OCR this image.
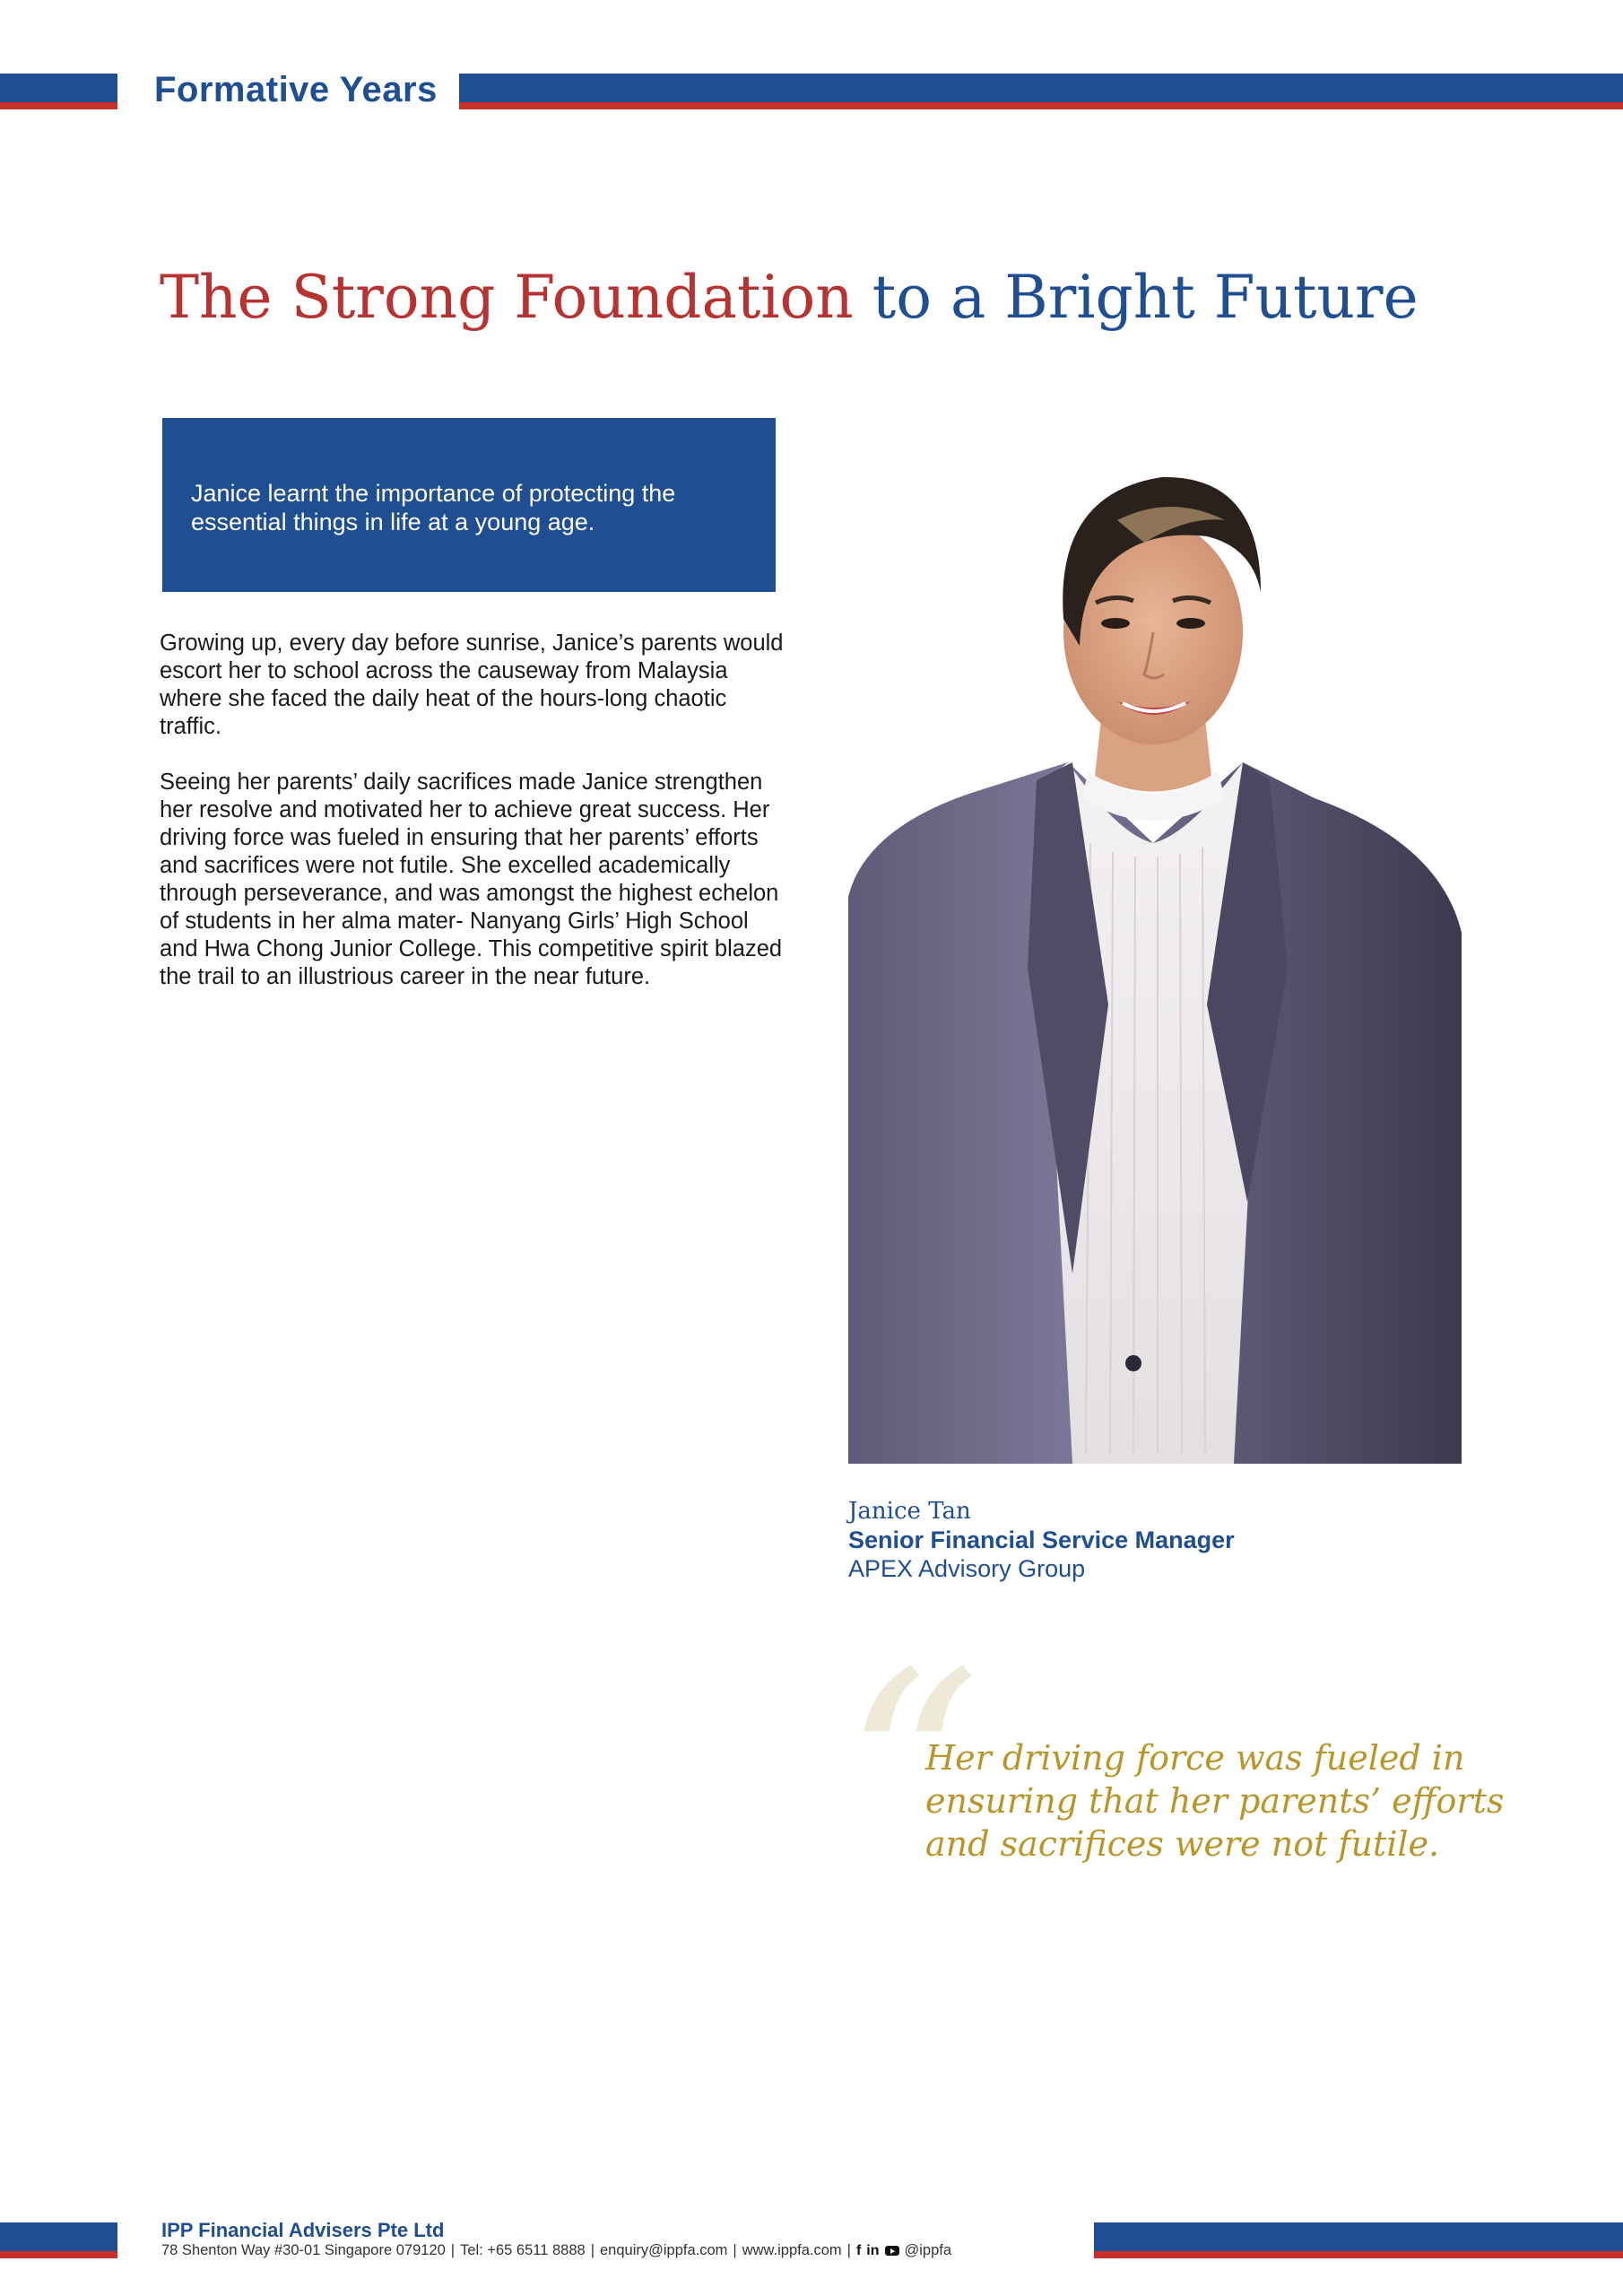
Formative Years
The Strong Foundation to a Bright Future
Janice learnt the importance of protecting the essential things in life at a young age.
Growing up, every day before sunrise, Janice’s parents would escort her to school across the causeway from Malaysia where she faced the daily heat of the hours-long chaotic traffic.
Seeing her parents’ daily sacrifices made Janice strengthen her resolve and motivated her to achieve great success. Her driving force was fueled in ensuring that her parents’ efforts and sacrifices were not futile. She excelled academically through perseverance, and was amongst the highest echelon of students in her alma mater- Nanyang Girls’ High School and Hwa Chong Junior College. This competitive spirit blazed the trail to an illustrious career in the near future.
Janice Tan
Senior Financial Service Manager
APEX Advisory Group
“
Her driving force was fueled in ensuring that her parents’ efforts and sacrifices were not futile.
IPP Financial Advisers Pte Ltd
78 Shenton Way #30-01 Singapore 079120 | Tel: +65 6511 8888 | enquiry@ippfa.com | www.ippfa.com | f in @ippfa
